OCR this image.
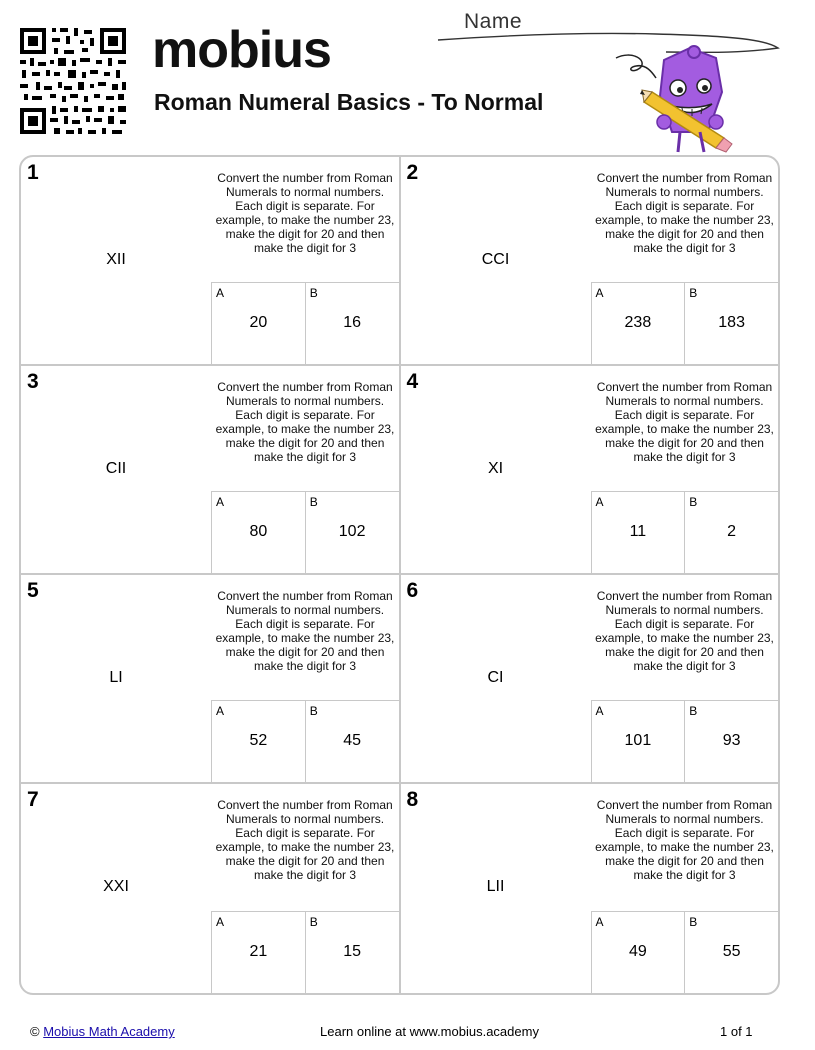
mobius
Roman Numeral Basics - To Normal
Name
1
XII
Convert the number from Roman Numerals to normal numbers.
Each digit is separate. For example, to make the number 23, make the digit for 20 and then make the digit for 3
A
20
B
16
2
CCI
Convert the number from Roman Numerals to normal numbers.
Each digit is separate. For example, to make the number 23, make the digit for 20 and then make the digit for 3
A
238
B
183
3
CII
Convert the number from Roman Numerals to normal numbers.
Each digit is separate. For example, to make the number 23, make the digit for 20 and then make the digit for 3
A
80
B
102
4
XI
Convert the number from Roman Numerals to normal numbers.
Each digit is separate. For example, to make the number 23, make the digit for 20 and then make the digit for 3
A
11
B
2
5
LI
Convert the number from Roman Numerals to normal numbers.
Each digit is separate. For example, to make the number 23, make the digit for 20 and then make the digit for 3
A
52
B
45
6
CI
Convert the number from Roman Numerals to normal numbers.
Each digit is separate. For example, to make the number 23, make the digit for 20 and then make the digit for 3
A
101
B
93
7
XXI
Convert the number from Roman Numerals to normal numbers.
Each digit is separate. For example, to make the number 23, make the digit for 20 and then make the digit for 3
A
21
B
15
8
LII
Convert the number from Roman Numerals to normal numbers.
Each digit is separate. For example, to make the number 23, make the digit for 20 and then make the digit for 3
A
49
B
55
© Mobius Math Academy	Learn online at www.mobius.academy	1 of 1
